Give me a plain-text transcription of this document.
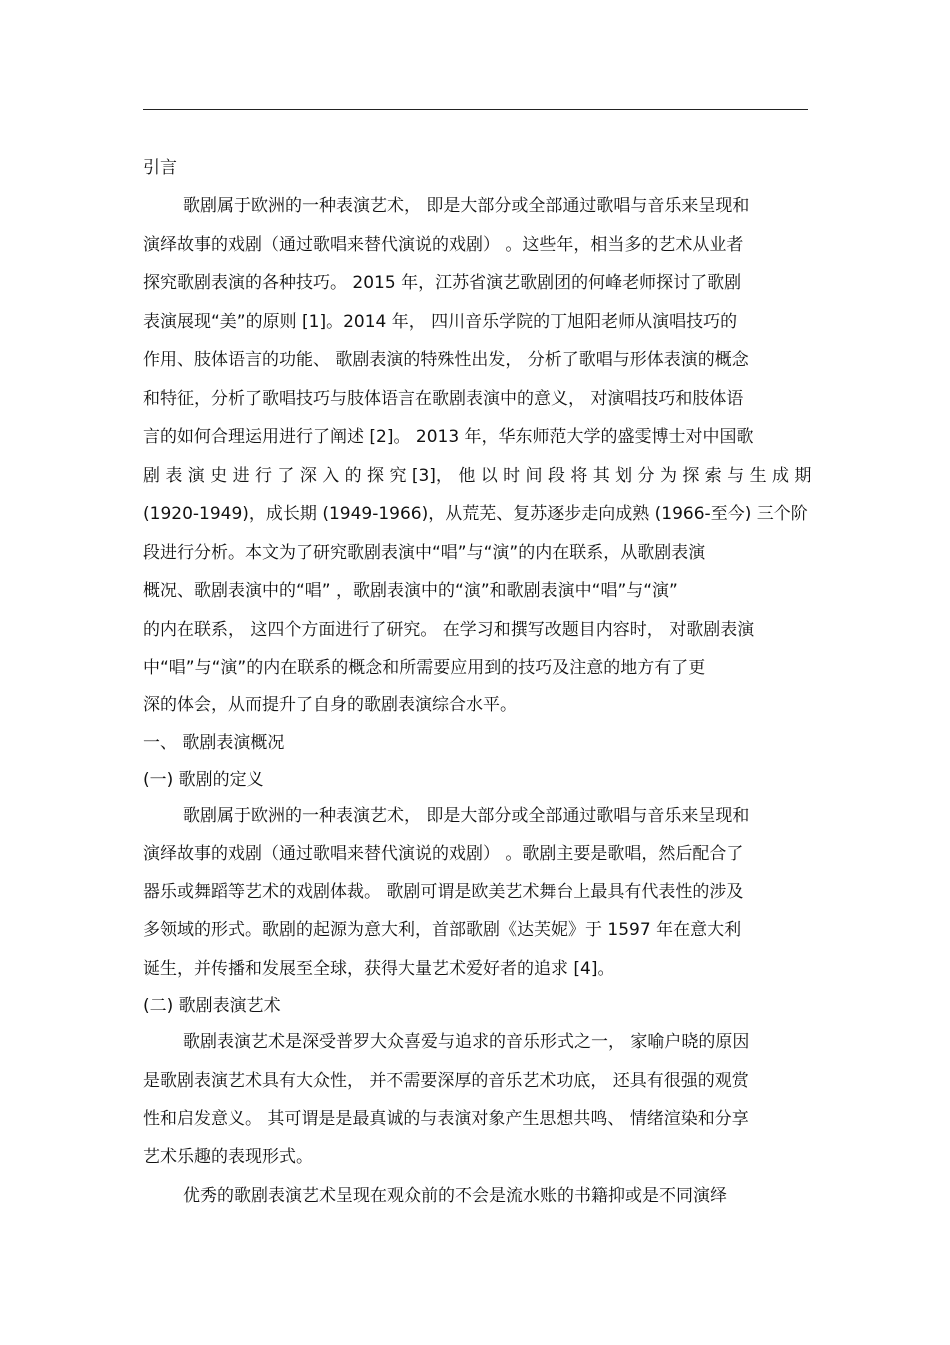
引言
歌剧属于欧洲的一种表演艺术， 即是大部分或全部通过歌唱与音乐来呈现和
演绎故事的戏剧（通过歌唱来替代演说的戏剧） 。这些年，相当多的艺术从业者
探究歌剧表演的各种技巧。 2015 年，江苏省演艺歌剧团的何峰老师探讨了歌剧
表演展现“美”的原则 [1]。2014 年， 四川音乐学院的丁旭阳老师从演唱技巧的
作用、肢体语言的功能、 歌剧表演的特殊性出发， 分析了歌唱与形体表演的概念
和特征，分析了歌唱技巧与肢体语言在歌剧表演中的意义， 对演唱技巧和肢体语
言的如何合理运用进行了阐述 [2]。 2013 年，华东师范大学的盛雯博士对中国歌
剧 表 演 史 进 行 了 深 入 的 探 究 [3]， 他 以 时 间 段 将 其 划 分 为 探 索 与 生 成 期
(1920-1949)，成长期 (1949-1966)，从荒芜、复苏逐步走向成熟 (1966-至今) 三个阶
段进行分析。本文为了研究歌剧表演中“唱”与“演”的内在联系，从歌剧表演
概况、歌剧表演中的“唱” ，歌剧表演中的“演”和歌剧表演中“唱”与“演”
的内在联系， 这四个方面进行了研究。 在学习和撰写改题目内容时， 对歌剧表演
中“唱”与“演”的内在联系的概念和所需要应用到的技巧及注意的地方有了更
深的体会，从而提升了自身的歌剧表演综合水平。
一、 歌剧表演概况
(一) 歌剧的定义
歌剧属于欧洲的一种表演艺术， 即是大部分或全部通过歌唱与音乐来呈现和
演绎故事的戏剧（通过歌唱来替代演说的戏剧） 。歌剧主要是歌唱，然后配合了
器乐或舞蹈等艺术的戏剧体裁。 歌剧可谓是欧美艺术舞台上最具有代表性的涉及
多领域的形式。歌剧的起源为意大利，首部歌剧《达芙妮》于 1597 年在意大利
诞生，并传播和发展至全球，获得大量艺术爱好者的追求 [4]。
(二) 歌剧表演艺术
歌剧表演艺术是深受普罗大众喜爱与追求的音乐形式之一， 家喻户晓的原因
是歌剧表演艺术具有大众性， 并不需要深厚的音乐艺术功底， 还具有很强的观赏
性和启发意义。 其可谓是是最真诚的与表演对象产生思想共鸣、 情绪渲染和分享
艺术乐趣的表现形式。
优秀的歌剧表演艺术呈现在观众前的不会是流水账的书籍抑或是不同演绎
